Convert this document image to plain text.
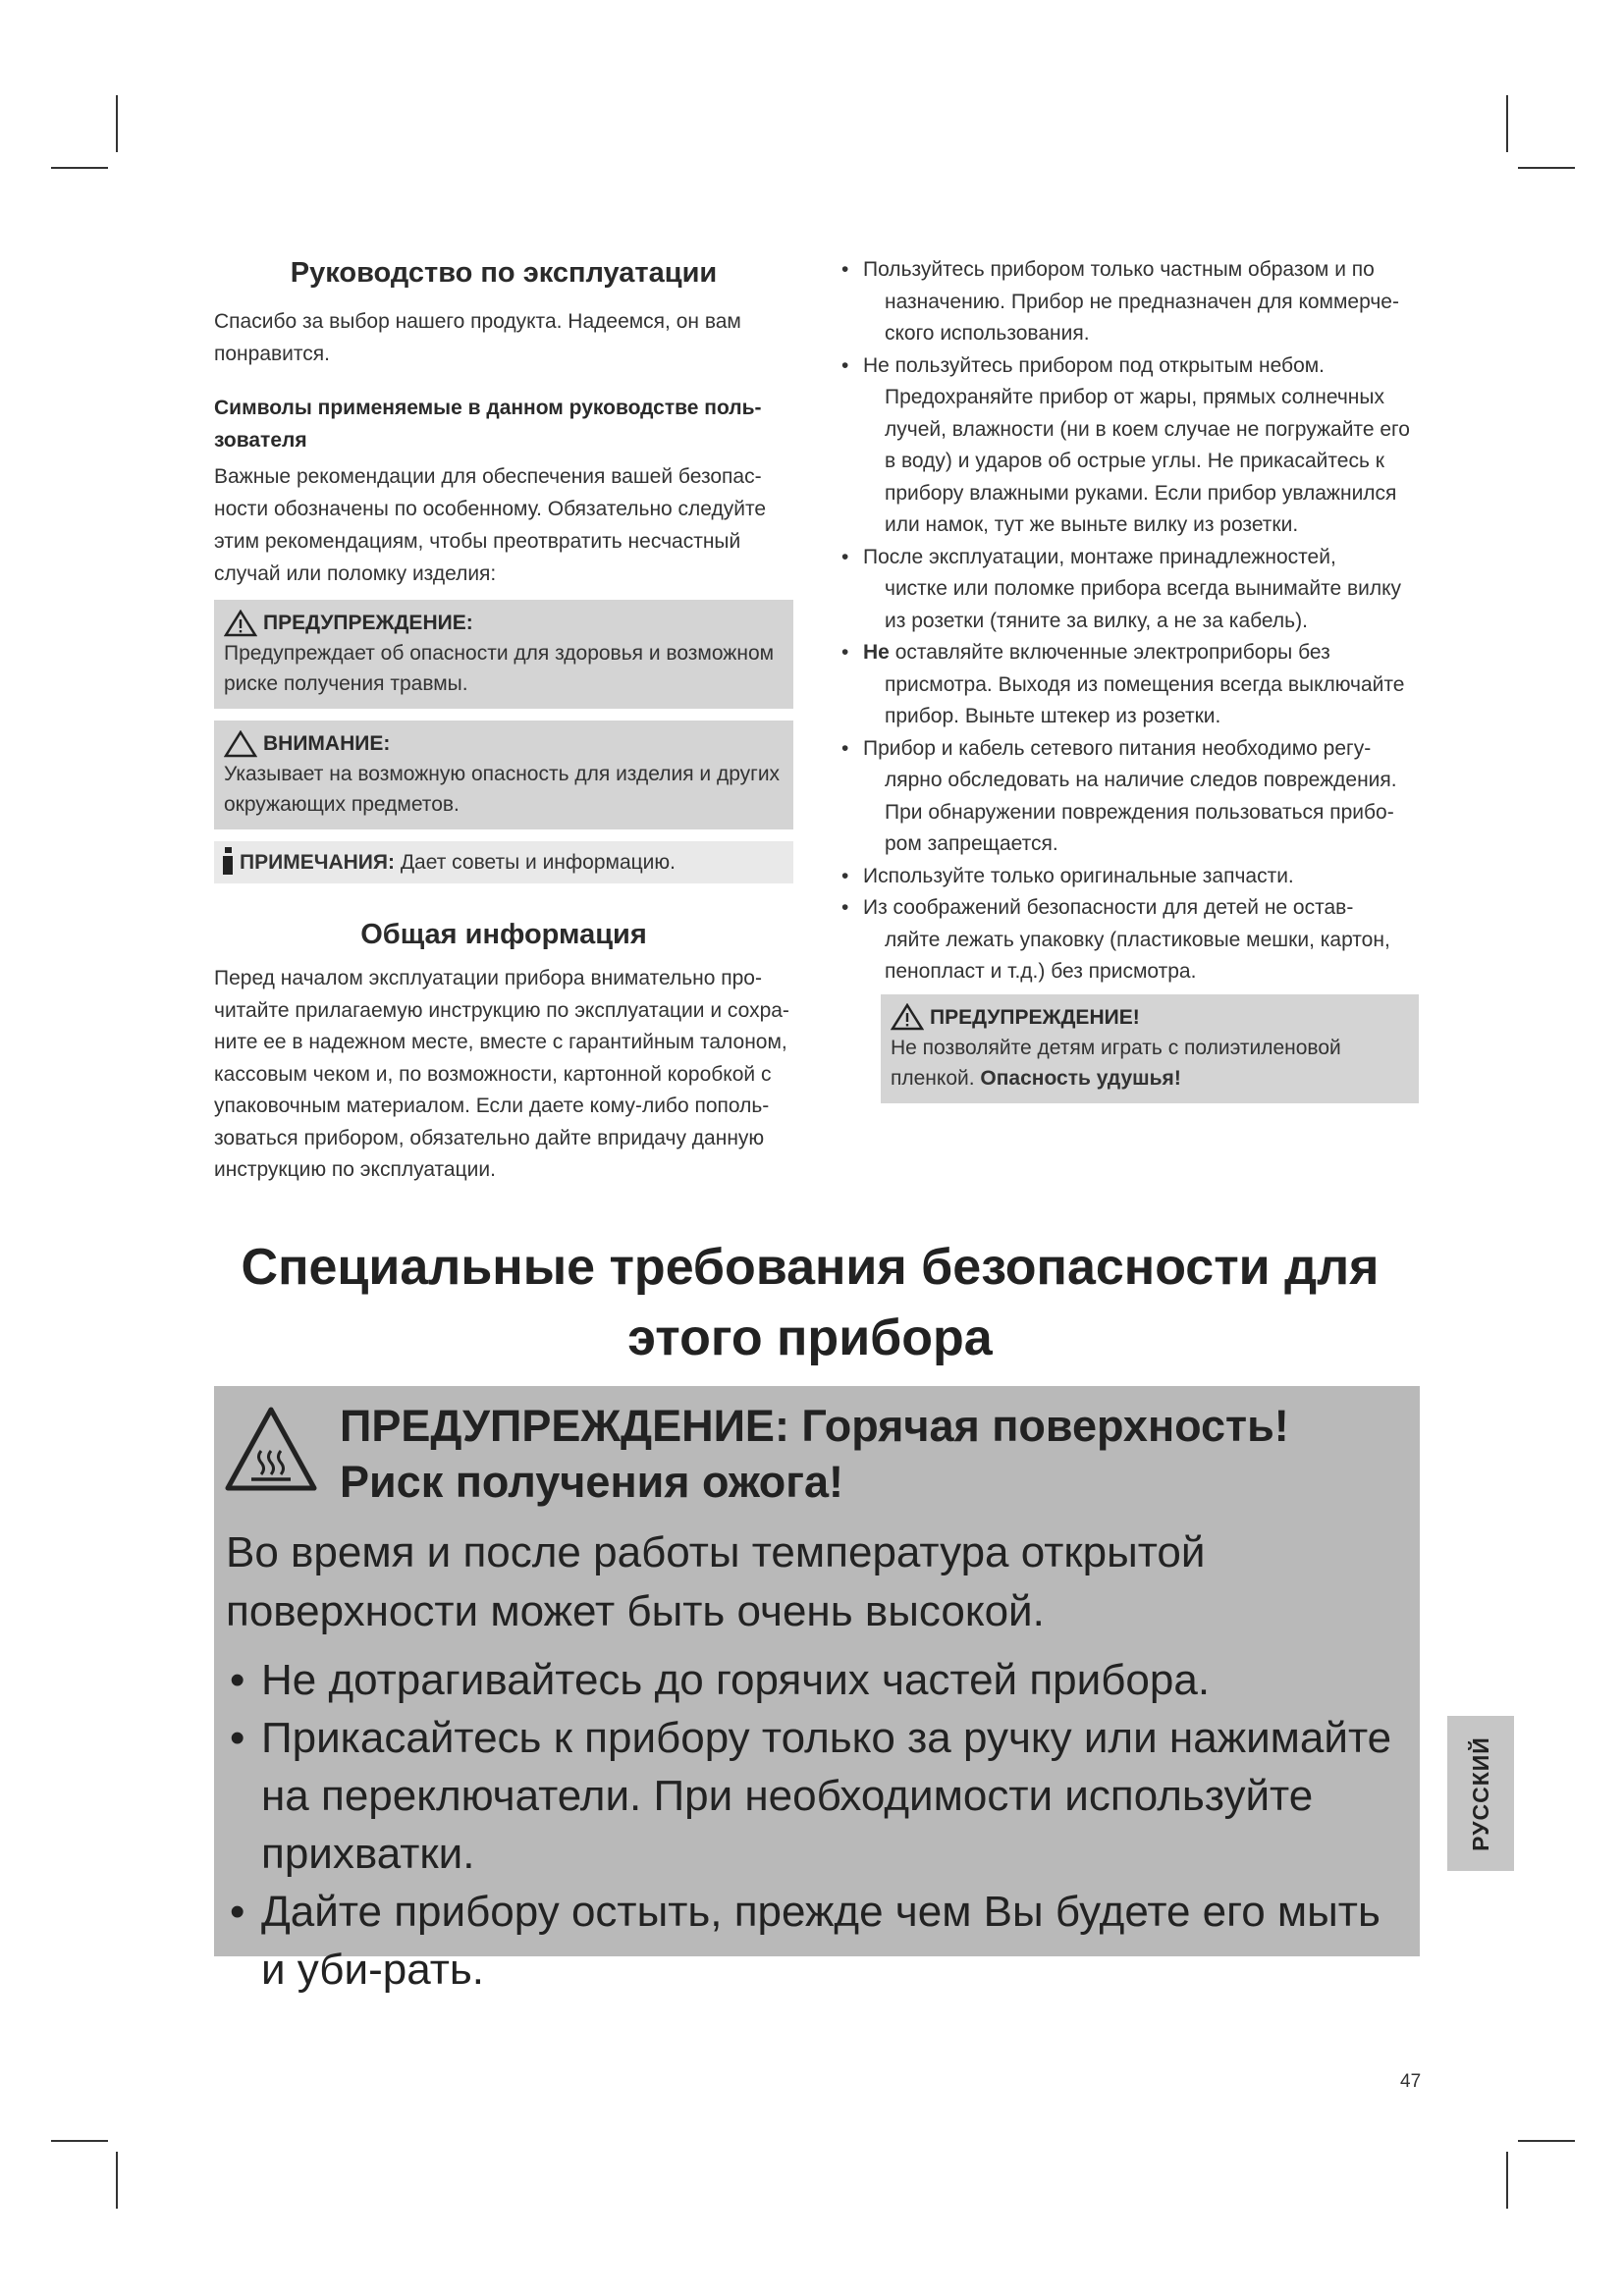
Руководство по эксплуатации
Спасибо за выбор нашего продукта. Надеемся, он вам понравится.
Символы применяемые в данном руководстве поль-зователя
Важные рекомендации для обеспечения вашей безопас-ности обозначены по особенному. Обязательно следуйте этим рекомендациям, чтобы преотвратить несчастный случай или поломку изделия:
ПРЕДУПРЕЖДЕНИЕ:
Предупреждает об опасности для здоровья и возможном риске получения травмы.
ВНИМАНИЕ:
Указывает на возможную опасность для изделия и других окружающих предметов.
ПРИМЕЧАНИЯ: Дает советы и информацию.
Общая информация
Перед началом эксплуатации прибора внимательно про-читайте прилагаемую инструкцию по эксплуатации и сохра-ните ее в надежном месте, вместе с гарантийным талоном, кассовым чеком и, по возможности, картонной коробкой с упаковочным материалом. Если даете кому-либо пополь-зоваться прибором, обязательно дайте впридачу данную инструкцию по эксплуатации.
• Пользуйтесь прибором только частным образом и по
назначению. Прибор не предназначен для коммерче-ского использования.
• Не пользуйтесь прибором под открытым небом.
Предохраняйте прибор от жары, прямых солнечных лучей, влажности (ни в коем случае не погружайте его в воду) и ударов об острые углы. Не прикасайтесь к прибору влажными руками. Если прибор увлажнился или намок, тут же выньте вилку из розетки.
• После эксплуатации, монтаже принадлежностей,
чистке или поломке прибора всегда вынимайте вилку из розетки (тяните за вилку, а не за кабель).
• Не оставляйте включенные электроприборы без
присмотра. Выходя из помещения всегда выключайте прибор. Выньте штекер из розетки.
• Прибор и кабель сетевого питания необходимо регу-
лярно обследовать на наличие следов повреждения. При обнаружении повреждения пользоваться прибо-ром запрещается.
• Используйте только оригинальные запчасти.
• Из соображений безопасности для детей не остав-
ляйте лежать упаковку (пластиковые мешки, картон, пенопласт и т.д.) без присмотра.
ПРЕДУПРЕЖДЕНИЕ!
Не позволяйте детям играть с полиэтиленовой пленкой. Опасность удушья!
Специальные требования безопасности для
этого прибора
ПРЕДУПРЕЖДЕНИЕ: Горячая поверхность!
Риск получения ожога!
Во время и после работы температура открытой поверхности может быть очень высокой.
• Не дотрагивайтесь до горячих частей прибора.
• Прикасайтесь к прибору только за ручку или нажимайте на переключатели. При необходимости используйте прихватки.
• Дайте прибору остыть, прежде чем Вы будете его мыть и уби-рать.
РУССКИЙ
47
